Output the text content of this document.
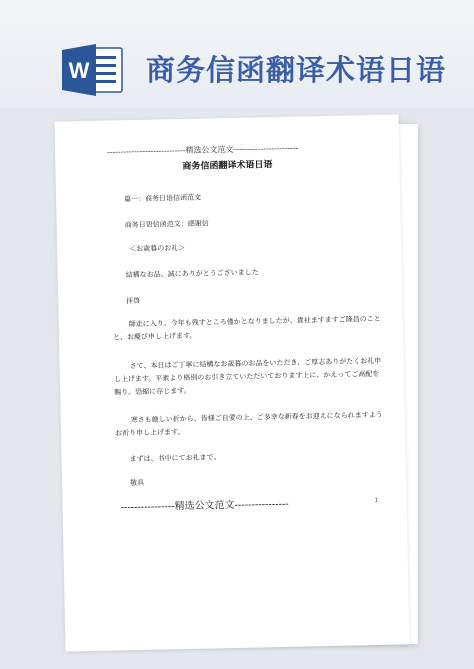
W 商务信函翻译术语日语
-----------------------------精选公文范文------------------------
商务信函翻译术语日语
篇一：商务日语信函范文
商务日语信函范文：感谢信
＜お歳暮のお礼＞
結構なお品、誠にありがとうございました
拝啓
師走に入り、今年も残すところ僅かとなりましたが、貴社ますますご隆昌のことと、お慶び申し上げます。
さて、本日はご丁寧に結構なお歳暮のお品をいただき、ご厚志ありがたくお礼申し上げます。平素より格別のお引き立ていただいております上に、かえってご高配を賜り、恐縮に存じます。
寒さも厳しい折から、皆様ご自愛の上、ご多幸な新春をお迎えになられますようお祈り申し上げます。
まずは、书中にてお礼まで。
敬具
----------------精选公文范文----------------	1
